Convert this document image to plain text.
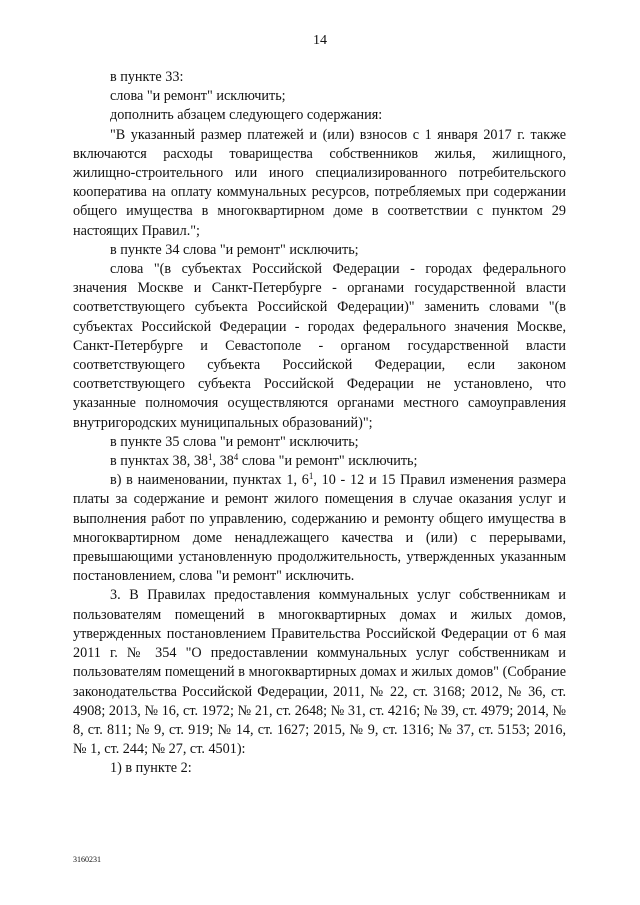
14

в пункте 33:

слова "и ремонт" исключить;

дополнить абзацем следующего содержания:

"В указанный размер платежей и (или) взносов с 1 января 2017 г. также включаются расходы товарищества собственников жилья, жилищного, жилищно-строительного или иного специализированного потребительского кооператива на оплату коммунальных ресурсов, потребляемых при содержании общего имущества в многоквартирном доме в соответствии с пунктом 29 настоящих Правил.";

в пункте 34 слова "и ремонт" исключить;

слова "(в субъектах Российской Федерации - городах федерального значения Москве и Санкт-Петербурге - органами государственной власти соответствующего субъекта Российской Федерации)" заменить словами "(в субъектах Российской Федерации - городах федерального значения Москве, Санкт-Петербурге и Севастополе - органом государственной власти соответствующего субъекта Российской Федерации, если законом соответствующего субъекта Российской Федерации не установлено, что указанные полномочия осуществляются органами местного самоуправления внутригородских муниципальных образований)";

в пункте 35 слова "и ремонт" исключить;

в пунктах 38, $38^1$, $38^4$ слова "и ремонт" исключить;

в) в наименовании, пунктах 1, $6^1$, 10 - 12 и 15 Правил изменения размера платы за содержание и ремонт жилого помещения в случае оказания услуг и выполнения работ по управлению, содержанию и ремонту общего имущества в многоквартирном доме ненадлежащего качества и (или) с перерывами, превышающими установленную продолжительность, утвержденных указанным постановлением, слова "и ремонт" исключить.

3. В Правилах предоставления коммунальных услуг собственникам и пользователям помещений в многоквартирных домах и жилых домов, утвержденных постановлением Правительства Российской Федерации от 6 мая 2011 г. № 354 "О предоставлении коммунальных услуг собственникам и пользователям помещений в многоквартирных домах и жилых домов" (Собрание законодательства Российской Федерации, 2011, № 22, ст. 3168; 2012, № 36, ст. 4908; 2013, № 16, ст. 1972; № 21, ст. 2648; № 31, ст. 4216; № 39, ст. 4979; 2014, № 8, ст. 811; № 9, ст. 919; № 14, ст. 1627; 2015, № 9, ст. 1316; № 37, ст. 5153; 2016, № 1, ст. 244; № 27, ст. 4501):

1) в пункте 2:

3160231
